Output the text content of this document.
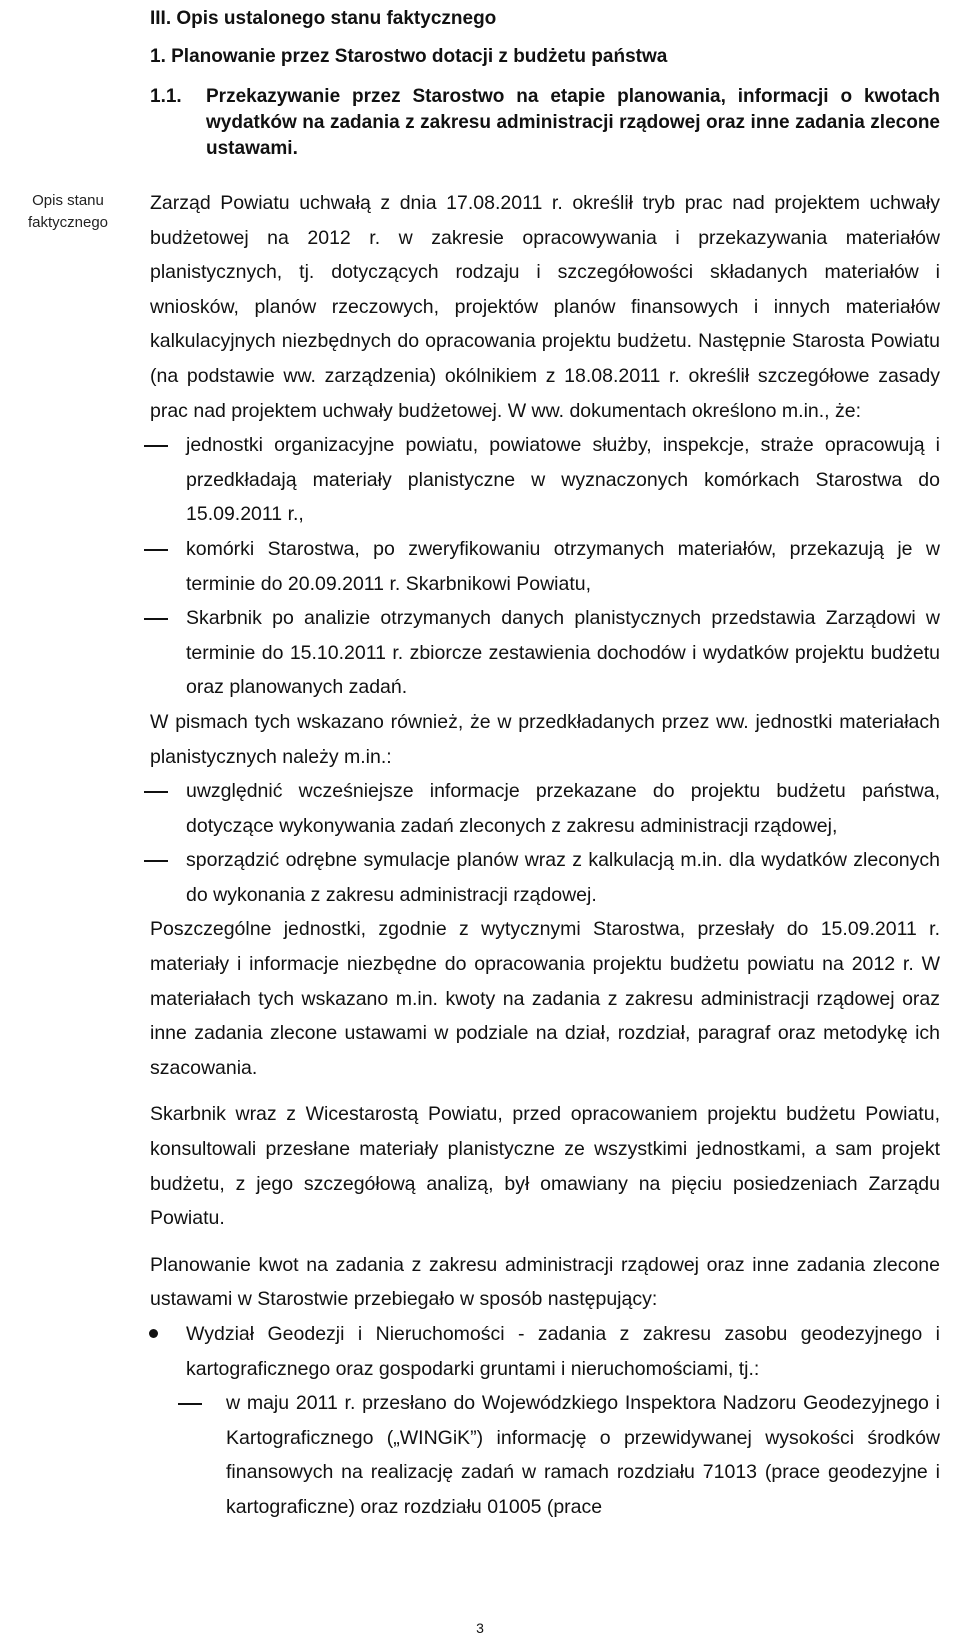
III. Opis ustalonego stanu faktycznego
1. Planowanie przez Starostwo dotacji z budżetu państwa
1.1. Przekazywanie przez Starostwo na etapie planowania, informacji o kwotach wydatków na zadania z zakresu administracji rządowej oraz inne zadania zlecone ustawami.
Opis stanu faktycznego

Zarząd Powiatu uchwałą z dnia 17.08.2011 r. określił tryb prac nad projektem uchwały budżetowej na 2012 r. w zakresie opracowywania i przekazywania materiałów planistycznych, tj. dotyczących rodzaju i szczegółowości składanych materiałów i wniosków, planów rzeczowych, projektów planów finansowych i innych materiałów kalkulacyjnych niezbędnych do opracowania projektu budżetu. Następnie Starosta Powiatu (na podstawie ww. zarządzenia) okólnikiem z 18.08.2011 r. określił szczegółowe zasady prac nad projektem uchwały budżetowej. W ww. dokumentach określono m.in., że:

jednostki organizacyjne powiatu, powiatowe służby, inspekcje, straże opracowują i przedkładają materiały planistyczne w wyznaczonych komórkach Starostwa do 15.09.2011 r.,
komórki Starostwa, po zweryfikowaniu otrzymanych materiałów, przekazują je w terminie do 20.09.2011 r. Skarbnikowi Powiatu,
Skarbnik po analizie otrzymanych danych planistycznych przedstawia Zarządowi w terminie do 15.10.2011 r. zbiorcze zestawienia dochodów i wydatków projektu budżetu oraz planowanych zadań.

W pismach tych wskazano również, że w przedkładanych przez ww. jednostki materiałach planistycznych należy m.in.:

uwzględnić wcześniejsze informacje przekazane do projektu budżetu państwa, dotyczące wykonywania zadań zleconych z zakresu administracji rządowej,
sporządzić odrębne symulacje planów wraz z kalkulacją m.in. dla wydatków zleconych do wykonania z zakresu administracji rządowej.

Poszczególne jednostki, zgodnie z wytycznymi Starostwa, przesłały do 15.09.2011 r. materiały i informacje niezbędne do opracowania projektu budżetu powiatu na 2012 r. W materiałach tych wskazano m.in. kwoty na zadania z zakresu administracji rządowej oraz inne zadania zlecone ustawami w podziale na dział, rozdział, paragraf oraz metodykę ich szacowania.

Skarbnik wraz z Wicestarostą Powiatu, przed opracowaniem projektu budżetu Powiatu, konsultowali przesłane materiały planistyczne ze wszystkimi jednostkami, a sam projekt budżetu, z jego szczegółową analizą, był omawiany na pięciu posiedzeniach Zarządu Powiatu.

Planowanie kwot na zadania z zakresu administracji rządowej oraz inne zadania zlecone ustawami w Starostwie przebiegało w sposób następujący:

Wydział Geodezji i Nieruchomości - zadania z zakresu zasobu geodezyjnego i kartograficznego oraz gospodarki gruntami i nieruchomościami, tj.:
w maju 2011 r. przesłano do Wojewódzkiego Inspektora Nadzoru Geodezyjnego i Kartograficznego („WINGiK”) informację o przewidywanej wysokości środków finansowych na realizację zadań w ramach rozdziału 71013 (prace geodezyjne i kartograficzne) oraz rozdziału 01005 (prace
3
